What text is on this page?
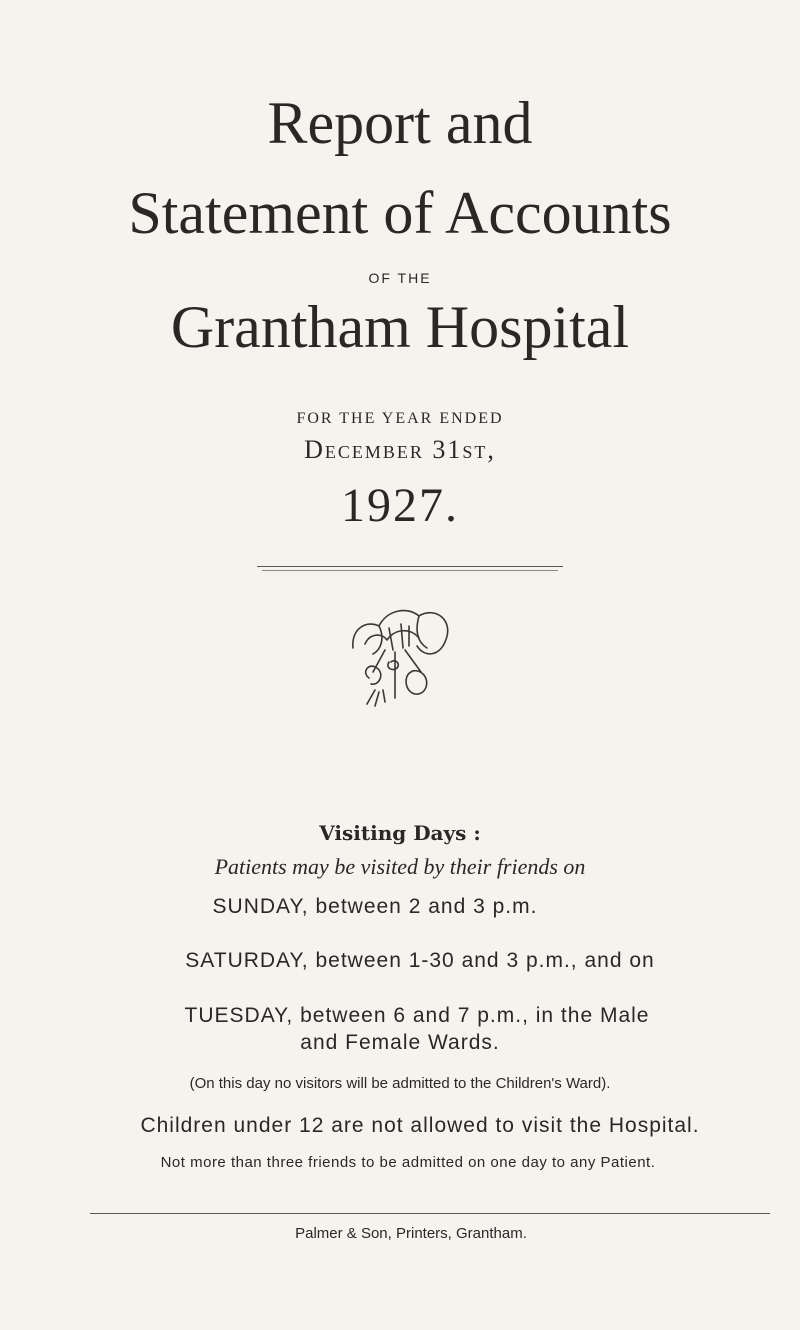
Report and
Statement of Accounts
OF THE
Grantham Hospital
FOR THE YEAR ENDED
December 31st,
1927.
Visiting Days :
Patients may be visited by their friends on
SUNDAY, between 2 and 3 p.m.
SATURDAY, between 1-30 and 3 p.m., and on
TUESDAY, between 6 and 7 p.m., in the Male
and Female Wards.
(On this day no visitors will be admitted to the Children's Ward).
Children under 12 are not allowed to visit the Hospital.
Not more than three friends to be admitted on one day to any Patient.
Palmer & Son, Printers, Grantham.
